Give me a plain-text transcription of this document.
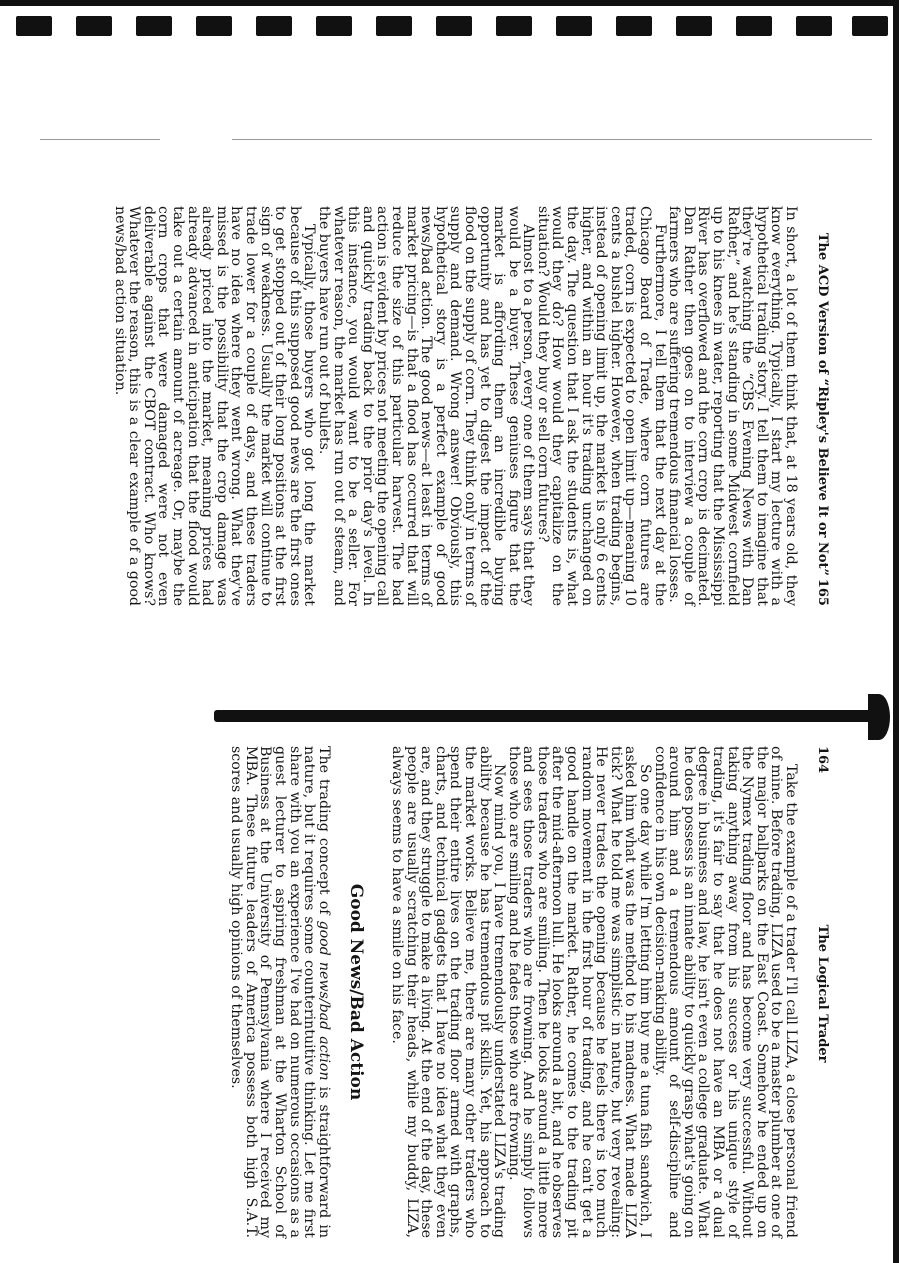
164
The Logical Trader

Take the example of a trader I'll call LIZA, a close personal friend of mine. Before trading, LIZA used to be a master plumber at one of the major ballparks on the East Coast. Somehow he ended up on the Nymex trading floor and has become very successful. Without taking anything away from his success or his unique style of trading, it's fair to say that he does not have an MBA or a dual degree in business and law, he isn't even a college graduate. What he does possess is an innate ability to quickly grasp what's going on around him and a tremendous amount of self-discipline and confidence in his own decision-making ability.

So one day while I'm letting him buy me a tuna fish sandwich, I asked him what was the method to his madness. What made LIZA tick? What he told me was simplistic in nature, but very revealing: He never trades the opening because he feels there is too much random movement in the first hour of trading, and he can't get a good handle on the market. Rather, he comes to the trading pit after the mid-afternoon lull. He looks around a bit, and he observes those traders who are smiling. Then he looks around a little more and sees those traders who are frowning. And he simply follows those who are smiling and he fades those who are frowning.

Now mind you, I have tremendously understated LIZA's trading ability because he has tremendous pit skills. Yet, his approach to the market works. Believe me, there are many other traders who spend their entire lives on the trading floor armed with graphs, charts, and technical gadgets that I have no idea what they even are, and they struggle to make a living. At the end of the day, these people are usually scratching their heads, while my buddy, LIZA, always seems to have a smile on his face.

Good News/Bad Action

The trading concept of good news/bad action is straightforward in nature, but it requires some counterintuitive thinking. Let me first share with you an experience I've had on numerous occasions as a guest lecturer to aspiring freshman at the Wharton School of Business at the University of Pennsylvania where I received my MBA. These future leaders of America possess both high S.A.T. scores and usually high opinions of themselves.

The ACD Version of “Ripley's Believe It or Not”
165

In short, a lot of them think that, at 18 years old, they know everything. Typically, I start my lecture with a hypothetical trading story. I tell them to imagine that they're watching the “CBS Evening News with Dan Rather,” and he's standing in some Midwest cornfield up to his knees in water, reporting that the Mississippi River has overflowed and the corn crop is decimated. Dan Rather then goes on to interview a couple of farmers who are suffering tremendous financial losses.

Furthermore, I tell them that the next day at the Chicago Board of Trade, where corn futures are traded, corn is expected to open limit up—meaning 10 cents a bushel higher. However, when trading begins, instead of opening limit up, the market is only 6 cents higher, and within an hour it's trading unchanged on the day. The question that I ask the students is, what would they do? How would they capitalize on the situation? Would they buy or sell corn futures?

Almost to a person, every one of them says that they would be a buyer. These geniuses figure that the market is affording them an incredible buying opportunity and has yet to digest the impact of the flood on the supply of corn. They think only in terms of supply and demand. Wrong answer! Obviously, this hypothetical story is a perfect example of good news/bad action. The good news—at least in terms of market pricing—is that a flood has occurred that will reduce the size of this particular harvest. The bad action is evident by prices not meeting the opening call and quickly trading back to the prior day's level. In this instance, you would want to be a seller. For whatever reason, the market has run out of steam, and the buyers have run out of bullets.

Typically, those buyers who got long the market because of this supposed good news are the first ones to get stopped out of their long positions at the first sign of weakness. Usually the market will continue to trade lower for a couple of days, and these traders have no idea where they went wrong. What they've missed is the possibility that the crop damage was already priced into the market, meaning prices had already advanced in anticipation that the flood would take out a certain amount of acreage. Or, maybe the corn crops that were damaged were not even deliverable against the CBOT contract. Who knows? Whatever the reason, this is a clear example of a good news/bad action situation.
